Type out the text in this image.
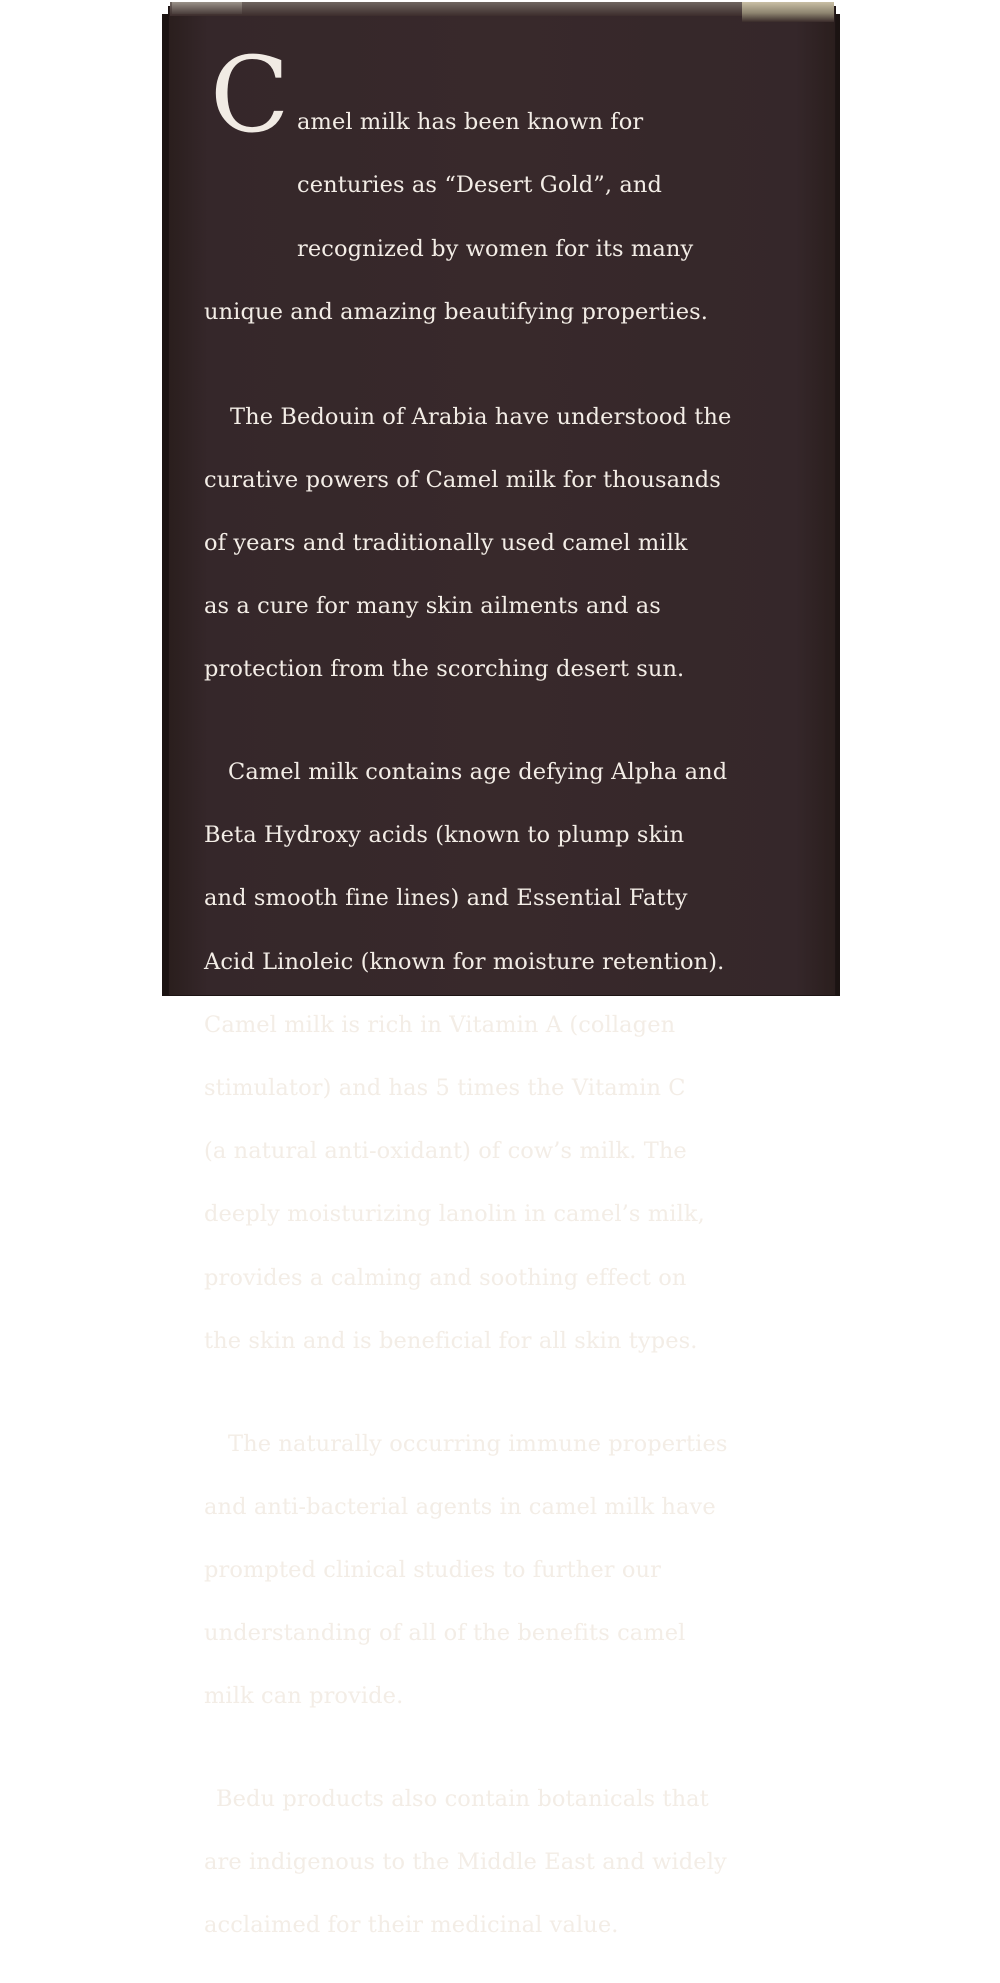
C amel milk has been known for

centuries as “Desert Gold”, and

recognized by women for its many

unique and amazing beautifying properties.

The Bedouin of Arabia have understood the

curative powers of Camel milk for thousands

of years and traditionally used camel milk

as a cure for many skin ailments and as

protection from the scorching desert sun.

Camel milk contains age defying Alpha and

Beta Hydroxy acids (known to plump skin

and smooth fine lines) and Essential Fatty

Acid Linoleic (known for moisture retention).

Camel milk is rich in Vitamin A (collagen

stimulator) and has 5 times the Vitamin C

(a natural anti-oxidant) of cow’s milk. The

deeply moisturizing lanolin in camel’s milk,

provides a calming and soothing effect on

the skin and is beneficial for all skin types.

The naturally occurring immune properties

and anti-bacterial agents in camel milk have

prompted clinical studies to further our

understanding of all of the benefits camel

milk can provide.

Bedu products also contain botanicals that

are indigenous to the Middle East and widely

acclaimed for their medicinal value.
